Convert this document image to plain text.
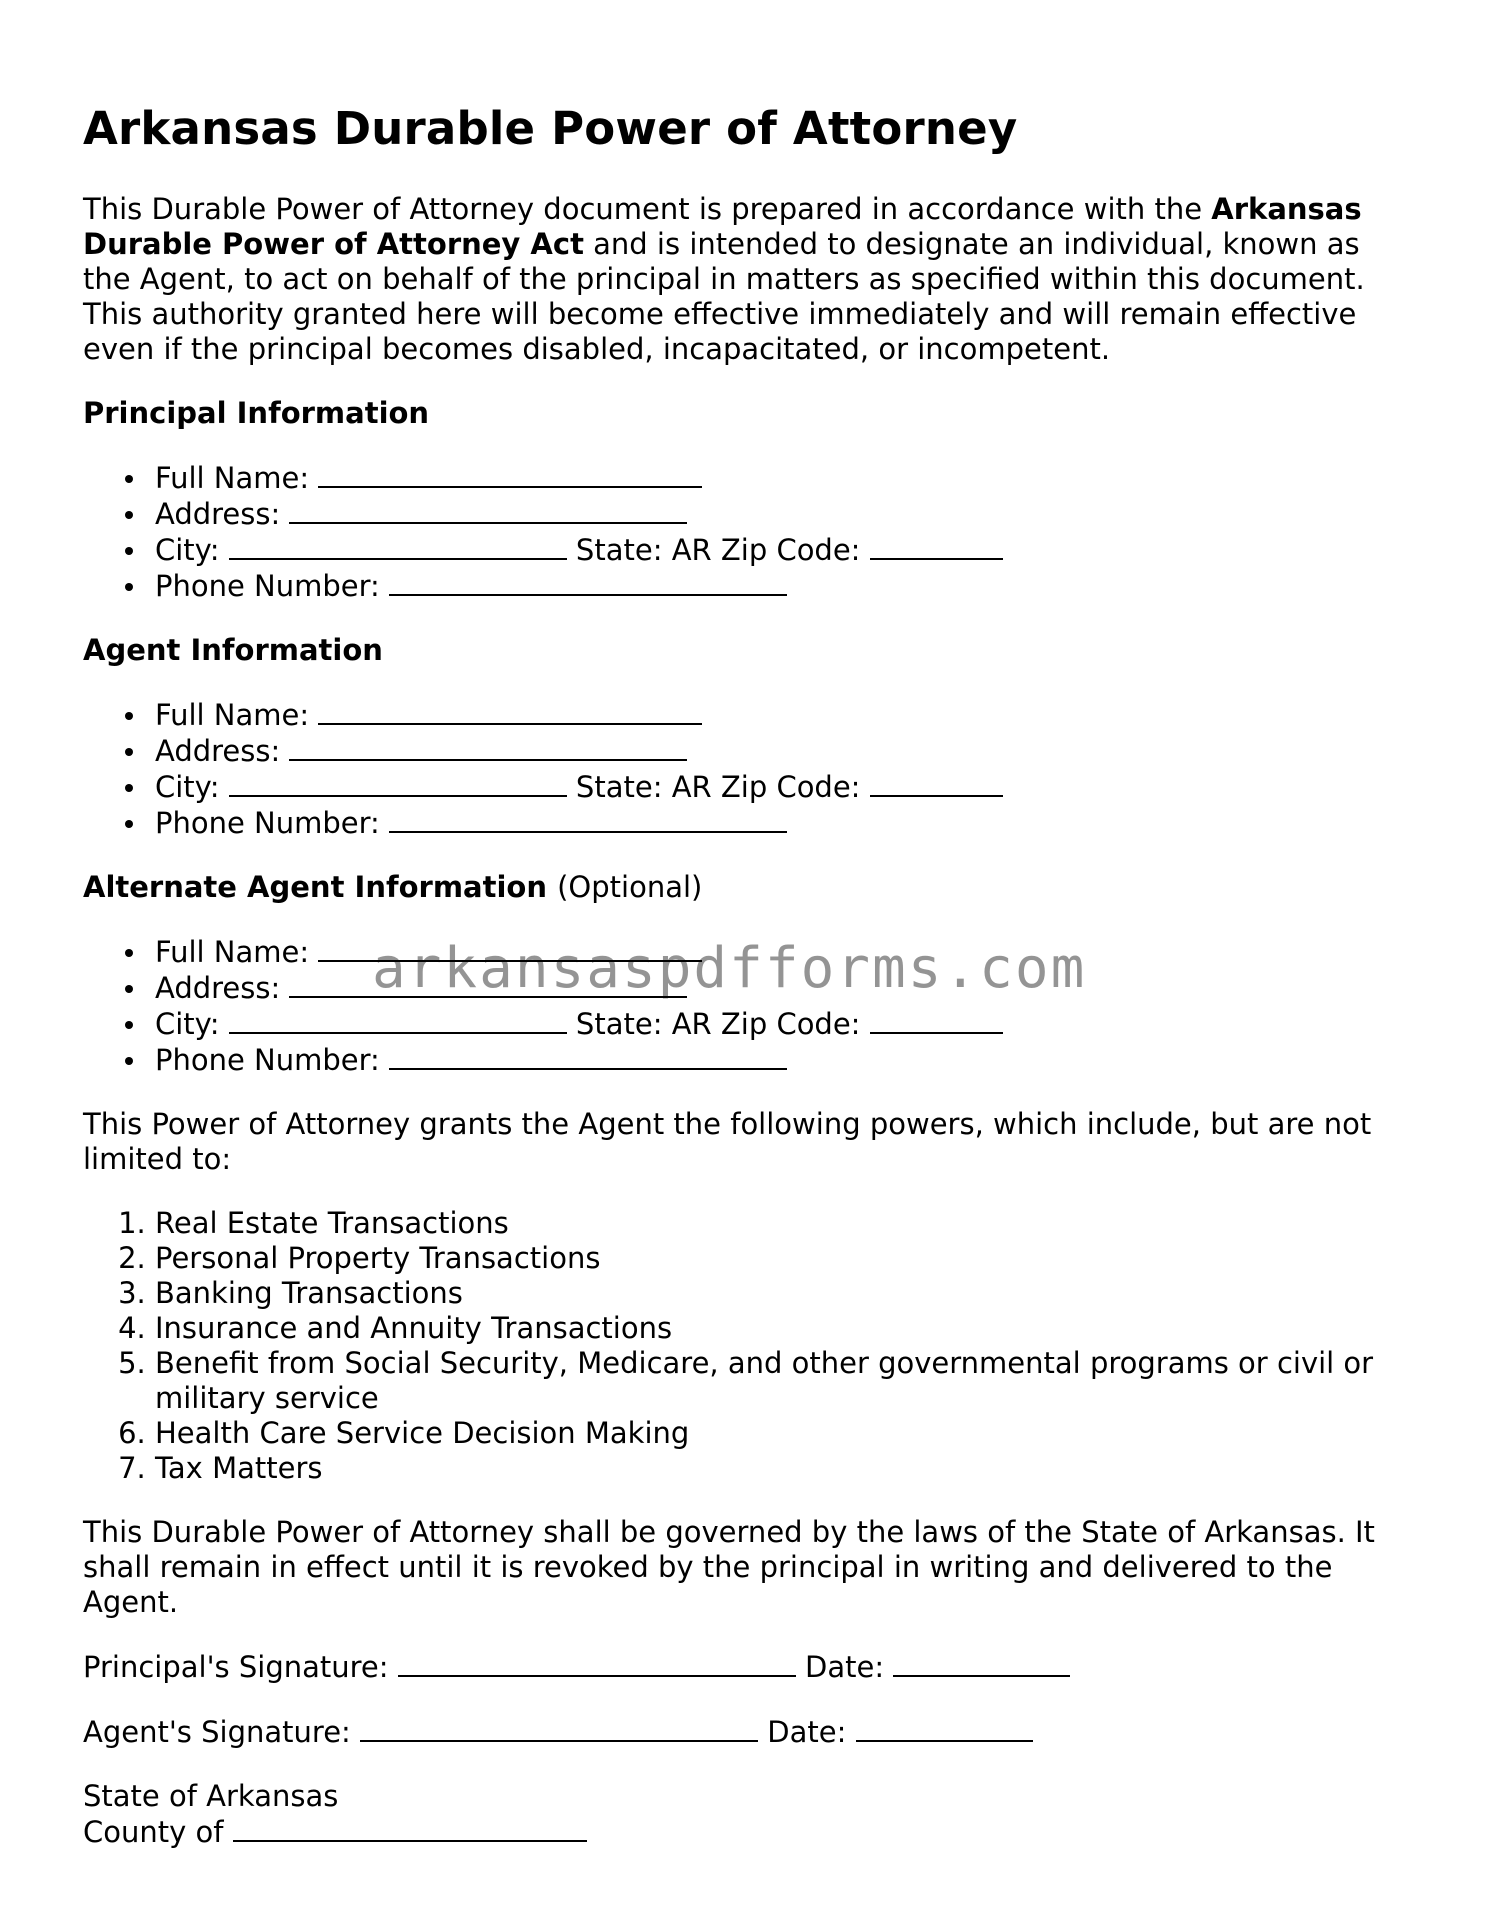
Arkansas Durable Power of Attorney

This Durable Power of Attorney document is prepared in accordance with the Arkansas Durable Power of Attorney Act and is intended to designate an individual, known as the Agent, to act on behalf of the principal in matters as specified within this document. This authority granted here will become effective immediately and will remain effective even if the principal becomes disabled, incapacitated, or incompetent.

Principal Information
Full Name:
Address:
City:	State: AR Zip Code:
Phone Number:
Agent Information
Full Name:
Address:
City:	State: AR Zip Code:
Phone Number:
Alternate Agent Information (Optional)
Full Name:
Address:
City:	State: AR Zip Code:
Phone Number:

This Power of Attorney grants the Agent the following powers, which include, but are not limited to:

1. Real Estate Transactions
2. Personal Property Transactions
3. Banking Transactions
4. Insurance and Annuity Transactions
5. Benefit from Social Security, Medicare, and other governmental programs or civil or military service
6. Health Care Service Decision Making
7. Tax Matters

This Durable Power of Attorney shall be governed by the laws of the State of Arkansas. It shall remain in effect until it is revoked by the principal in writing and delivered to the Agent.

Principal's Signature:	Date:

Agent's Signature:	Date:

State of Arkansas

County of

arkansaspdfforms.com
